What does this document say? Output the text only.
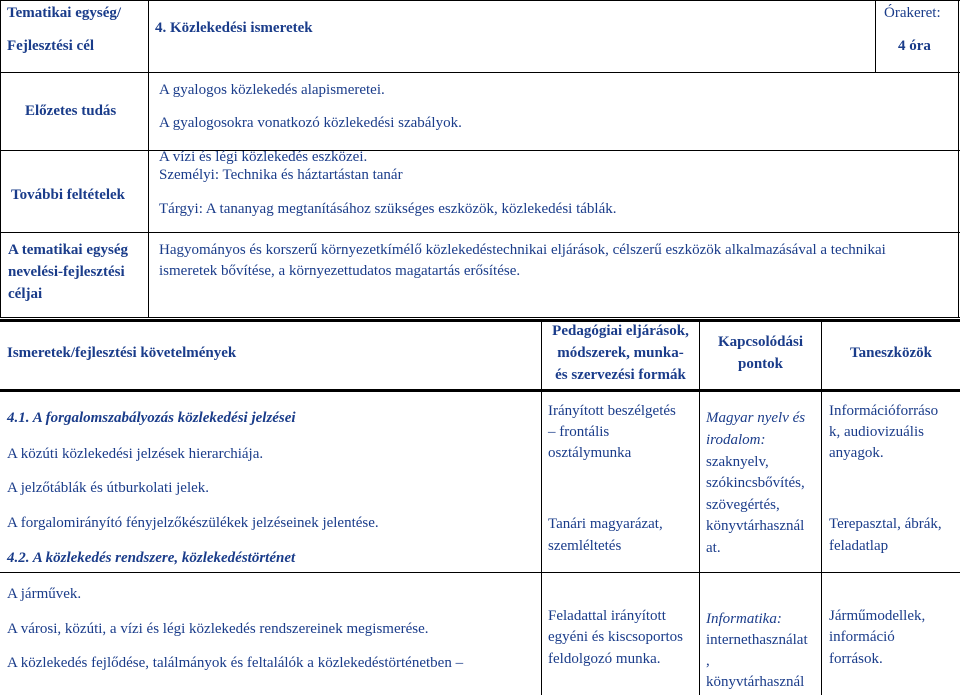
Tematikai egység/
Fejlesztési cél
4. Közlekedési ismeretek
Órakeret:
4 óra
Előzetes tudás
A gyalogos közlekedés alapismeretei.
A gyalogosokra vonatkozó közlekedési szabályok.
A vízi és légi közlekedés eszközei.
További feltételek
Személyi: Technika és háztartástan tanár
Tárgyi: A tananyag megtanításához szükséges eszközök, közlekedési táblák.
A tematikai egység
nevelési-fejlesztési
céljai
Hagyományos és korszerű környezetkímélő közlekedéstechnikai eljárások, célszerű eszközök alkalmazásával a technikai
ismeretek bővítése, a környezettudatos magatartás erősítése.
Ismeretek/fejlesztési követelmények
Pedagógiai eljárások,
módszerek, munka-
és szervezési formák
Kapcsolódási
pontok
Taneszközök
4.1. A forgalomszabályozás közlekedési jelzései
A közúti közlekedési jelzések hierarchiája.
A jelzőtáblák és útburkolati jelek.
A forgalomirányító fényjelzőkészülékek jelzéseinek jelentése.
4.2. A közlekedés rendszere, közlekedéstörténet
Irányított beszélgetés
– frontális
osztálymunka
Tanári magyarázat,
szemléltetés
Magyar nyelv és
irodalom:
szaknyelv,
szókincsbővítés,
szövegértés,
könyvtárhasznál
at.
Információforráso
k, audiovizuális
anyagok.
Terepasztal, ábrák,
feladatlap
A járművek.
A városi, közúti, a vízi és légi közlekedés rendszereinek megismerése.
A közlekedés fejlődése, találmányok és feltalálók a közlekedéstörténetben –
Feladattal irányított
egyéni és kiscsoportos
feldolgozó munka.
Informatika:
internethasználat
,
könyvtárhasznál
Járműmodellek,
információ
források.
